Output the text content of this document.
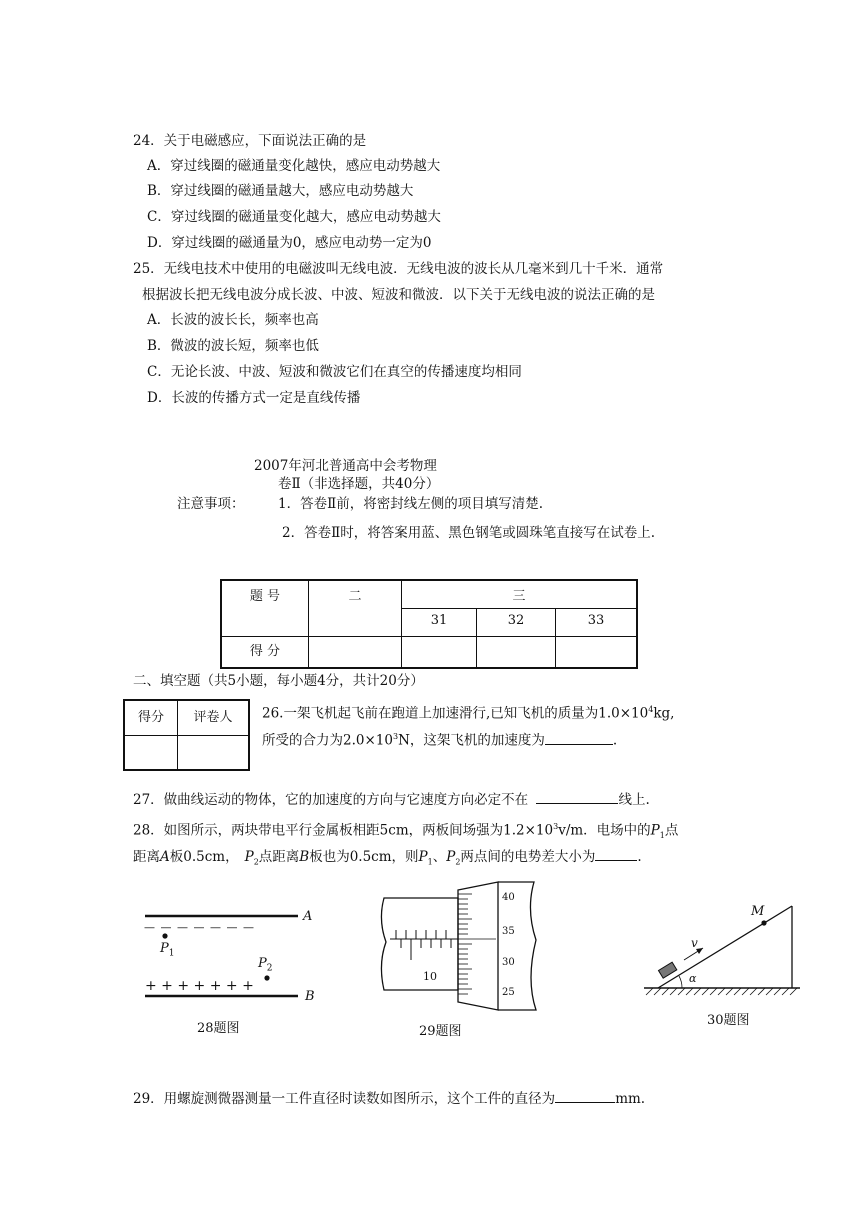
24．关于电磁感应，下面说法正确的是
A．穿过线圈的磁通量变化越快，感应电动势越大
B．穿过线圈的磁通量越大，感应电动势越大
C．穿过线圈的磁通量变化越大，感应电动势越大
D．穿过线圈的磁通量为0，感应电动势一定为0
25．无线电技术中使用的电磁波叫无线电波．无线电波的波长从几毫米到几十千米．通常
根据波长把无线电波分成长波、中波、短波和微波．以下关于无线电波的说法正确的是
A．长波的波长长，频率也高
B．微波的波长短，频率也低
C．无论长波、中波、短波和微波它们在真空的传播速度均相同
D．长波的传播方式一定是直线传播
2007年河北普通高中会考物理
卷Ⅱ（非选择题，共40分）
注意事项： 1．答卷Ⅱ前，将密封线左侧的项目填写清楚.
2．答卷Ⅱ时，将答案用蓝、黑色钢笔或圆珠笔直接写在试卷上.
题 号	二	三		
		31	32	33
得 分				
二、填空题（共5小题，每小题4分，共计20分）
得分	评卷人
	26.一架飞机起飞前在跑道上加速滑行,已知飞机的质量为$1.0\times 10^4kg$,
所受的合力为$2.0\times 10^3N$，这架飞机的加速度为	.
27．做曲线运动的物体，它的加速度的方向与它速度方向必定不在	线上.
28．如图所示，两块带电平行金属板相距5cm，两板间场强为$1.2\times 10^3v/m$．电场中的$P_1$点
距离A板0.5cm， $P_2$点距离B板也为0.5cm，则$P_1$、$P_2$两点间的电势差大小为	.
A
B
— — — — — — —
+ + + + + + +
$P_1$
$P_2$
28题图
40
35
30
25
10
29题图
M
v
α
30题图
29．用螺旋测微器测量一工件直径时读数如图所示，这个工件的直径为	mm.
